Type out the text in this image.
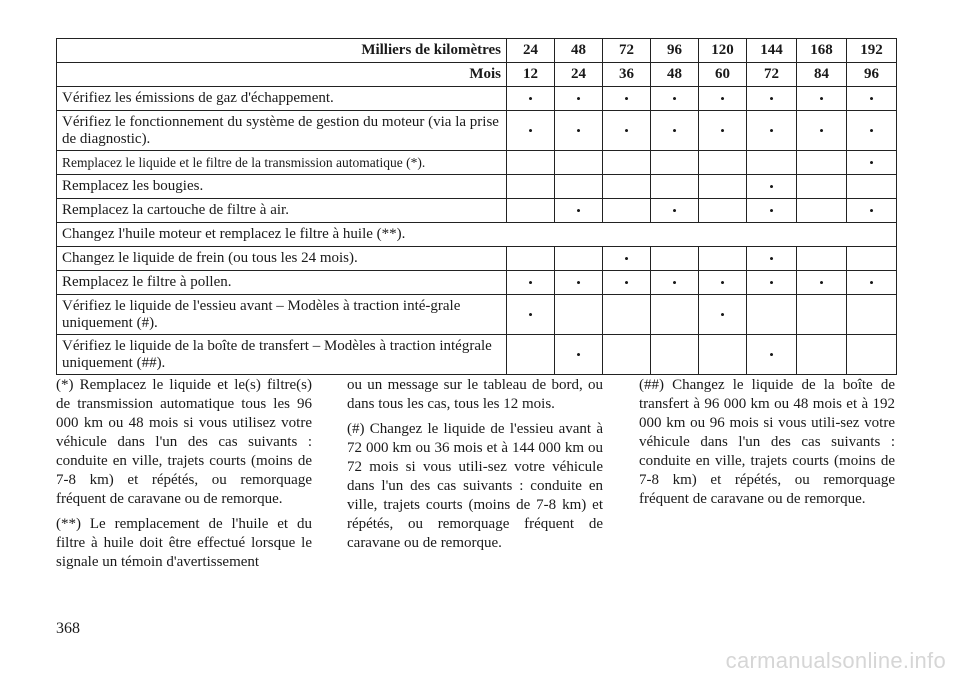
Milliers de kilomètres	24	48	72	96	120	144	168	192
Mois	12	24	36	48	60	72	84	96
Vérifiez les émissions de gaz d'échappement.	•	•	•	•	•	•	•	•
Vérifiez le fonctionnement du système de gestion du moteur (via la prise de diagnostic).	•	•	•	•	•	•	•	•
Remplacez le liquide et le filtre de la transmission automatique (*).								•
Remplacez les bougies.						•		
Remplacez la cartouche de filtre à air.		•		•		•		•
Changez l'huile moteur et remplacez le filtre à huile (**).								
Changez le liquide de frein (ou tous les 24 mois).			•			•		
Remplacez le filtre à pollen.	•	•	•	•	•	•	•	•
Vérifiez le liquide de l'essieu avant – Modèles à traction inté-grale uniquement (#).	•				•			
Vérifiez le liquide de la boîte de transfert – Modèles à traction intégrale uniquement (##).		•				•		

(*) Remplacez le liquide et le(s) filtre(s) de transmission automatique tous les 96 000 km ou 48 mois si vous utilisez votre véhicule dans l'un des cas suivants : conduite en ville, trajets courts (moins de 7-8 km) et répétés, ou remorquage fréquent de caravane ou de remorque.

(**) Le remplacement de l'huile et du filtre à huile doit être effectué lorsque le signale un témoin d'avertissement

ou un message sur le tableau de bord, ou dans tous les cas, tous les 12 mois.

(#) Changez le liquide de l'essieu avant à 72 000 km ou 36 mois et à 144 000 km ou 72 mois si vous utili-sez votre véhicule dans l'un des cas suivants : conduite en ville, trajets courts (moins de 7-8 km) et répétés, ou remorquage fréquent de caravane ou de remorque.

(##) Changez le liquide de la boîte de transfert à 96 000 km ou 48 mois et à 192 000 km ou 96 mois si vous utili-sez votre véhicule dans l'un des cas suivants : conduite en ville, trajets courts (moins de 7-8 km) et répétés, ou remorquage fréquent de caravane ou de remorque.

368
carmanualsonline.info
